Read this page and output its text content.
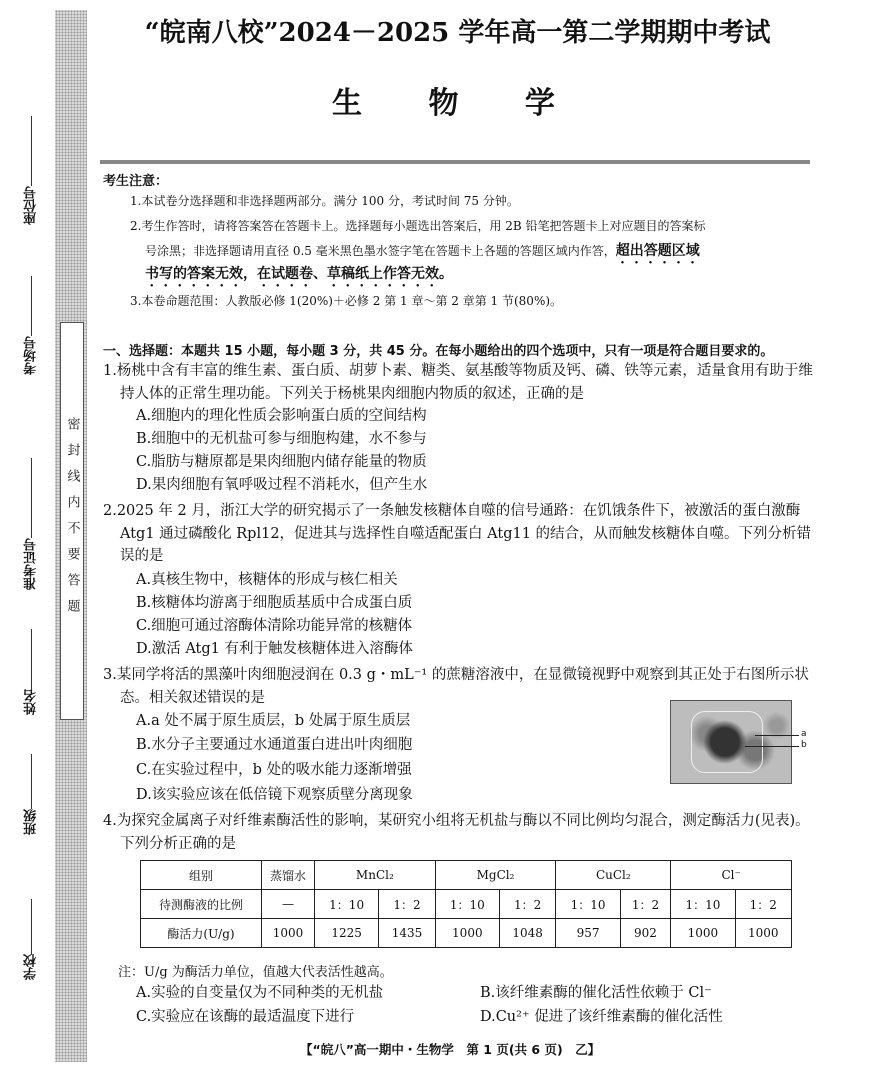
密封线内不要答题
座位号
考场号
准考证号
姓名
班级
学校
“皖南八校”2024－2025 学年高一第二学期期中考试
生 物 学
考生注意：
1.本试卷分选择题和非选择题两部分。满分 100 分，考试时间 75 分钟。
2.考生作答时，请将答案答在答题卡上。选择题每小题选出答案后，用 2B 铅笔把答题卡上对应题目的答案标
号涂黑；非选择题请用直径 0.5 毫米黑色墨水签字笔在答题卡上各题的答题区域内作答，超出答题区域
书写的答案无效，在试题卷、草稿纸上作答无效。
3.本卷命题范围：人教版必修 1(20%)＋必修 2 第 1 章～第 2 章第 1 节(80%)。
一、选择题：本题共 15 小题，每小题 3 分，共 45 分。在每小题给出的四个选项中，只有一项是符合题目要求的。
1.杨桃中含有丰富的维生素、蛋白质、胡萝卜素、糖类、氨基酸等物质及钙、磷、铁等元素，适量食用有助于维持人体的正常生理功能。下列关于杨桃果肉细胞内物质的叙述，正确的是
A.细胞内的理化性质会影响蛋白质的空间结构
B.细胞中的无机盐可参与细胞构建，水不参与
C.脂肪与糖原都是果肉细胞内储存能量的物质
D.果肉细胞有氧呼吸过程不消耗水，但产生水
2.2025 年 2 月，浙江大学的研究揭示了一条触发核糖体自噬的信号通路：在饥饿条件下，被激活的蛋白激酶 Atg1 通过磷酸化 Rpl12，促进其与选择性自噬适配蛋白 Atg11 的结合，从而触发核糖体自噬。下列分析错误的是
A.真核生物中，核糖体的形成与核仁相关
B.核糖体均游离于细胞质基质中合成蛋白质
C.细胞可通过溶酶体清除功能异常的核糖体
D.激活 Atg1 有利于触发核糖体进入溶酶体
3.某同学将活的黑藻叶肉细胞浸润在 0.3 g・mL⁻¹ 的蔗糖溶液中，在显微镜视野中观察到其正处于右图所示状态。相关叙述错误的是
A.a 处不属于原生质层，b 处属于原生质层
B.水分子主要通过水通道蛋白进出叶肉细胞
C.在实验过程中，b 处的吸水能力逐渐增强
D.该实验应该在低倍镜下观察质壁分离现象
a
b
4.为探究金属离子对纤维素酶活性的影响，某研究小组将无机盐与酶以不同比例均匀混合，测定酶活力(见表)。下列分析正确的是
组别	蒸馏水	MnCl₂		MgCl₂		CuCl₂		Cl⁻	
待测酶液的比例	—	1：10	1：2	1：10	1：2	1：10	1：2	1：10	1：2
酶活力(U/g)	1000	1225	1435	1000	1048	957	902	1000	1000
注：U/g 为酶活力单位，值越大代表活性越高。
A.实验的自变量仅为不同种类的无机盐	B.该纤维素酶的催化活性依赖于 Cl⁻
C.实验应在该酶的最适温度下进行	D.Cu²⁺ 促进了该纤维素酶的催化活性
【“皖八”高一期中・生物学　第 1 页(共 6 页)　乙】
